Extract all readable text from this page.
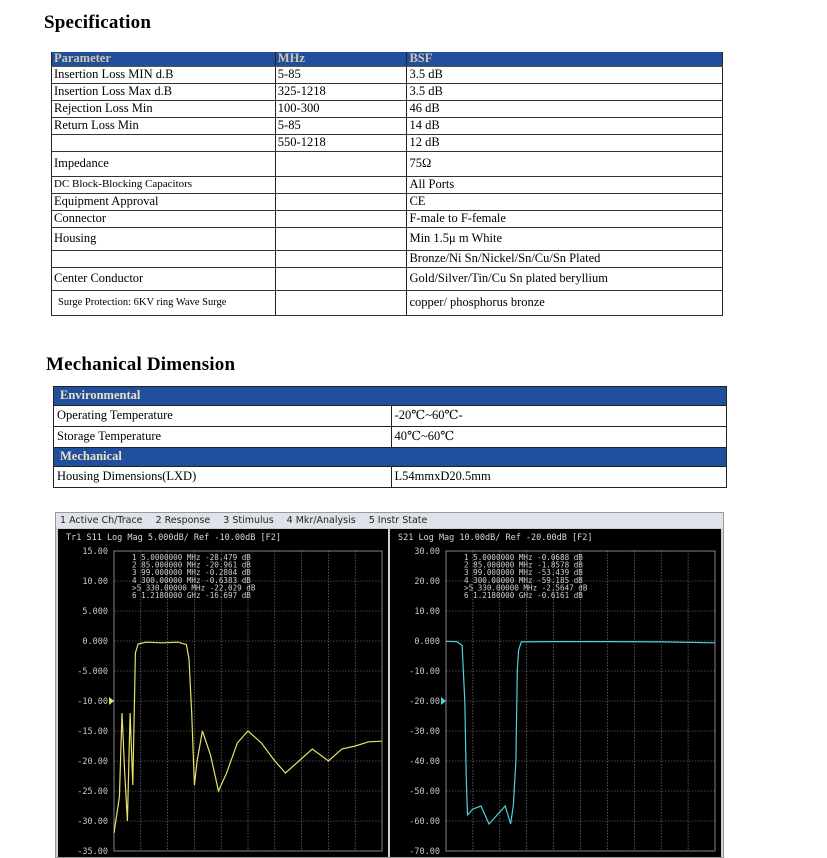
Specification
Parameter	MHz	BSF
Insertion Loss MIN d.B	5-85	3.5 dB
Insertion Loss Max d.B	325-1218	3.5 dB
Rejection Loss Min	100-300	46 dB
Return Loss Min	5-85	14 dB
	550-1218	12 dB
Impedance		75Ω
DC Block-Blocking Capacitors		All Ports
Equipment Approval		CE
Connector		F-male to F-female
Housing		Min 1.5μ m White
		Bronze/Ni Sn/Nickel/Sn/Cu/Sn Plated
Center Conductor		Gold/Silver/Tin/Cu Sn plated beryllium
Surge Protection: 6KV ring Wave Surge		copper/ phosphorus bronze
Mechanical Dimension
Environmental	
Operating Temperature	-20℃~60℃-
Storage Temperature	40℃~60℃
Mechanical	
Housing Dimensions(LXD)	L54mmxD20.5mm
1 Active Ch/Trace 2 Response 3 Stimulus 4 Mkr/Analysis 5 Instr State
Tr1 S11 Log Mag 5.000dB/ Ref -10.00dB [F2]
15.00
10.00
5.000
0.000
-5.000
-10.00
-15.00
-20.00
-25.00
-30.00
-35.00
1 5.0000000 MHz -28.479 dB
2 85.000000 MHz -20.961 dB
3 99.000000 MHz -0.2804 dB
4 300.00000 MHz -0.6383 dB
>5 330.00000 MHz -22.029 dB
6 1.2180000 GHz -16.697 dB
S21 Log Mag 10.00dB/ Ref -20.00dB [F2]
30.00
20.00
10.00
0.000
-10.00
-20.00
-30.00
-40.00
-50.00
-60.00
-70.00
1 5.0000000 MHz -0.0688 dB
2 85.000000 MHz -1.8578 dB
3 99.000000 MHz -53.439 dB
4 300.00000 MHz -59.185 dB
>5 330.00000 MHz -2.5647 dB
6 1.2180000 GHz -0.6161 dB
